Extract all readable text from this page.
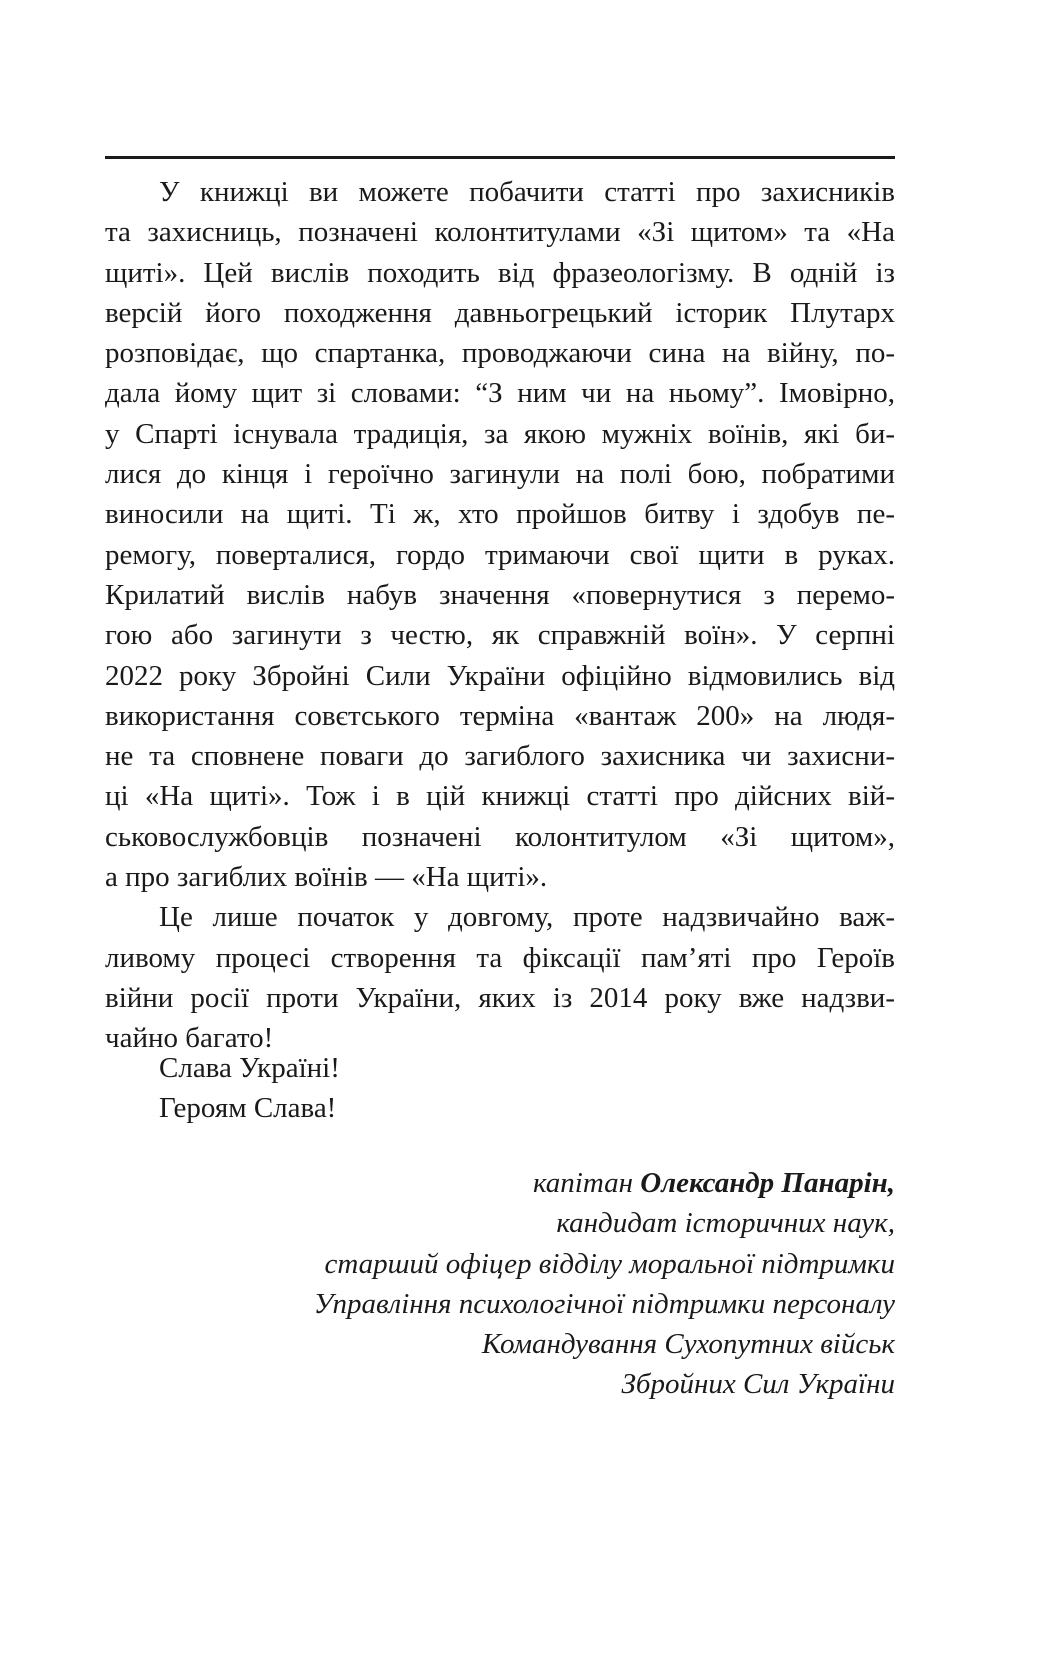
У книжці ви можете побачити статті про захисників
та захисниць, позначені колонтитулами «Зі щитом» та «На
щиті». Цей вислів походить від фразеологізму. В одній із
версій його походження давньогрецький історик Плутарх
розповідає, що спартанка, проводжаючи сина на війну, по-
дала йому щит зі словами: “З ним чи на ньому”. Імовірно,
у Спарті існувала традиція, за якою мужніх воїнів, які би-
лися до кінця і героїчно загинули на полі бою, побратими
виносили на щиті. Ті ж, хто пройшов битву і здобув пе-
ремогу, поверталися, гордо тримаючи свої щити в руках.
Крилатий вислів набув значення «повернутися з перемо-
гою або загинути з честю, як справжній воїн». У серпні
2022 року Збройні Сили України офіційно відмовились від
використання совєтського терміна «вантаж 200» на людя-
не та сповнене поваги до загиблого захисника чи захисни-
ці «На щиті». Тож і в цій книжці статті про дійсних вій-
ськовослужбовців позначені колонтитулом «Зі щитом»,
а про загиблих воїнів — «На щиті».
Це лише початок у довгому, проте надзвичайно важ-
ливому процесі створення та фіксації пам’яті про Героїв
війни росії проти України, яких із 2014 року вже надзви-
чайно багато!
Слава Україні!
Героям Слава!
капітан Олександр Панарін,
кандидат історичних наук,
старший офіцер відділу моральної підтримки
Управління психологічної підтримки персоналу
Командування Сухопутних військ
Збройних Сил України
